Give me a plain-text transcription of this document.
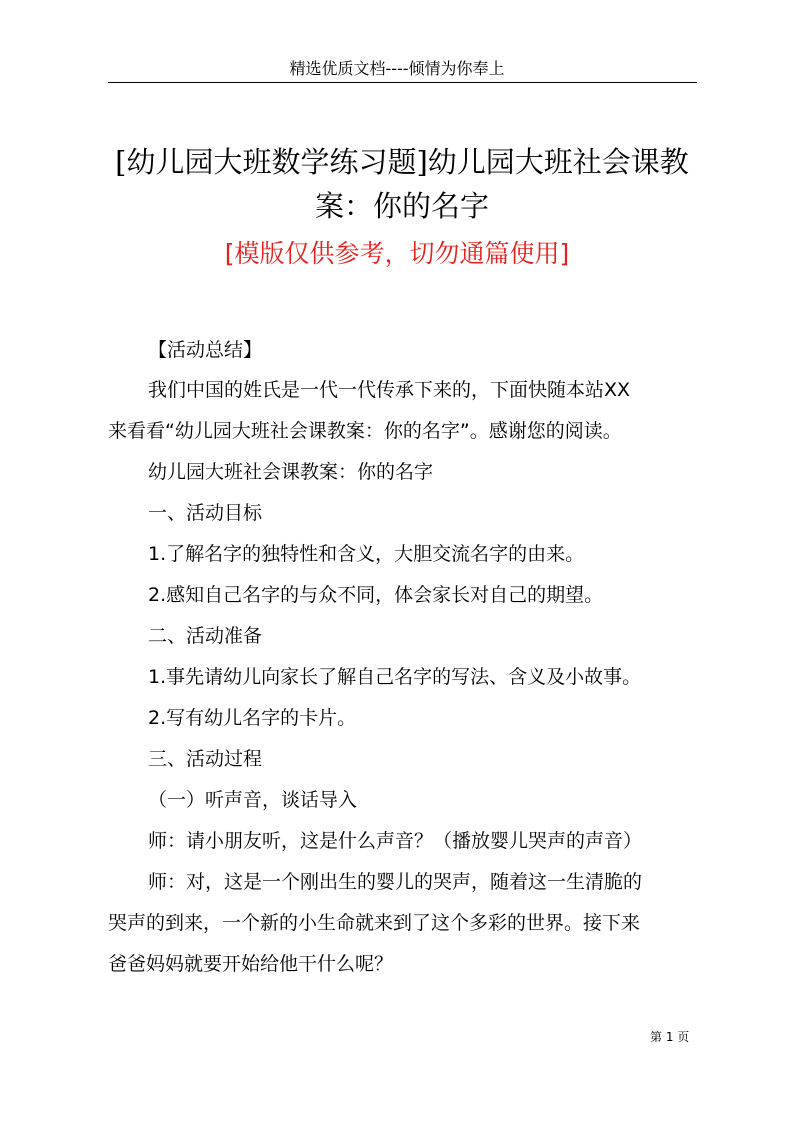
精选优质文档----倾情为你奉上
[幼儿园大班数学练习题]幼儿园大班社会课教案：你的名字
[模版仅供参考，切勿通篇使用]
【活动总结】
我们中国的姓氏是一代一代传承下来的，下面快随本站XX
来看看“幼儿园大班社会课教案：你的名字”。感谢您的阅读。
幼儿园大班社会课教案：你的名字
一、活动目标
1.了解名字的独特性和含义，大胆交流名字的由来。
2.感知自己名字的与众不同，体会家长对自己的期望。
二、活动准备
1.事先请幼儿向家长了解自己名字的写法、含义及小故事。
2.写有幼儿名字的卡片。
三、活动过程
（一）听声音，谈话导入
师：请小朋友听，这是什么声音？（播放婴儿哭声的声音）
师：对，这是一个刚出生的婴儿的哭声，随着这一生清脆的
哭声的到来，一个新的小生命就来到了这个多彩的世界。接下来
爸爸妈妈就要开始给他干什么呢？
第 1 页
